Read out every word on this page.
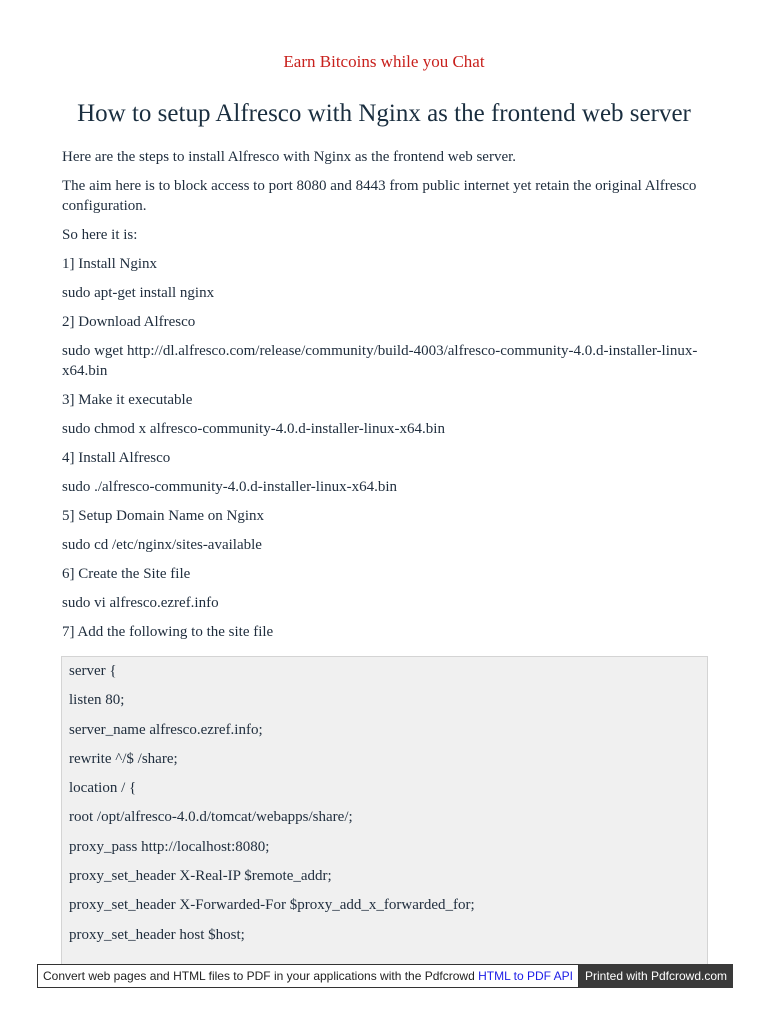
Earn Bitcoins while you Chat
How to setup Alfresco with Nginx as the frontend web server

Here are the steps to install Alfresco with Nginx as the frontend web server.

The aim here is to block access to port 8080 and 8443 from public internet yet retain the original Alfresco configuration.

So here it is:

1] Install Nginx

sudo apt-get install nginx

2] Download Alfresco

sudo wget http://dl.alfresco.com/release/community/build-4003/alfresco-community-4.0.d-installer-linux-x64.bin

3] Make it executable

sudo chmod x alfresco-community-4.0.d-installer-linux-x64.bin

4] Install Alfresco

sudo ./alfresco-community-4.0.d-installer-linux-x64.bin

5] Setup Domain Name on Nginx

sudo cd /etc/nginx/sites-available

6] Create the Site file

sudo vi alfresco.ezref.info

7] Add the following to the site file

server {

listen 80;

server_name alfresco.ezref.info;

rewrite ^/$ /share;

location / {

root /opt/alfresco-4.0.d/tomcat/webapps/share/;

proxy_pass http://localhost:8080;

proxy_set_header X-Real-IP $remote_addr;

proxy_set_header X-Forwarded-For $proxy_add_x_forwarded_for;

proxy_set_header host $host;

Convert web pages and HTML files to PDF in your applications with the Pdfcrowd HTML to PDF API Printed with Pdfcrowd.com
